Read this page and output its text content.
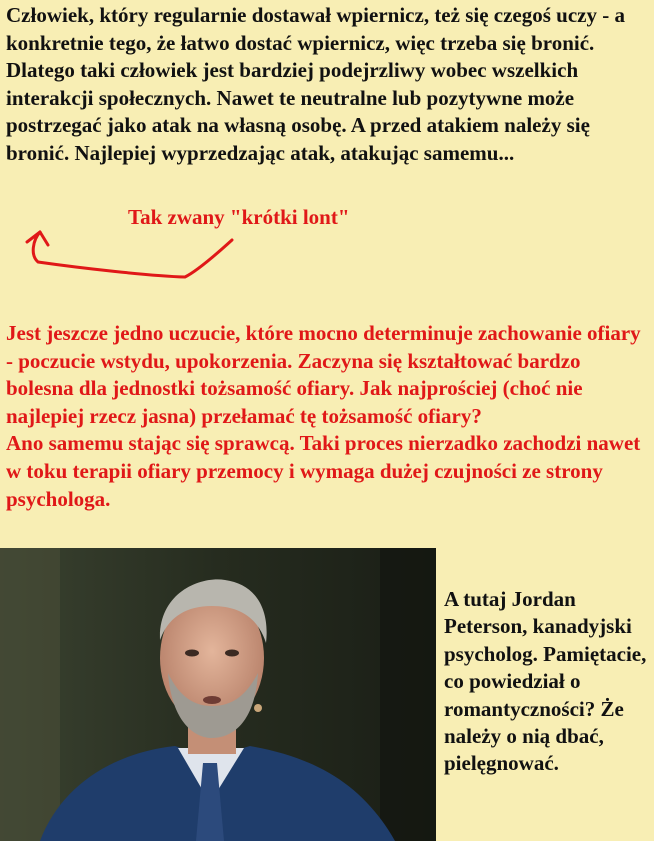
Człowiek, który regularnie dostawał wpiernicz, też się czegoś uczy - a konkretnie tego, że łatwo dostać wpiernicz, więc trzeba się bronić. Dlatego taki człowiek jest bardziej podejrzliwy wobec wszelkich interakcji społecznych. Nawet te neutralne lub pozytywne może postrzegać jako atak na własną osobę. A przed atakiem należy się bronić. Najlepiej wyprzedzając atak, atakując samemu...

Tak zwany "krótki lont"

Jest jeszcze jedno uczucie, które mocno determinuje zachowanie ofiary - poczucie wstydu, upokorzenia. Zaczyna się kształtować bardzo bolesna dla jednostki tożsamość ofiary. Jak najprościej (choć nie najlepiej rzecz jasna) przełamać tę tożsamość ofiary?

Ano samemu stając się sprawcą. Taki proces nierzadko zachodzi nawet w toku terapii ofiary przemocy i wymaga dużej czujności ze strony psychologa.

A tutaj Jordan Peterson, kanadyjski psycholog. Pamiętacie, co powiedział o romantyczności? Że należy o nią dbać, pielęgnować.
